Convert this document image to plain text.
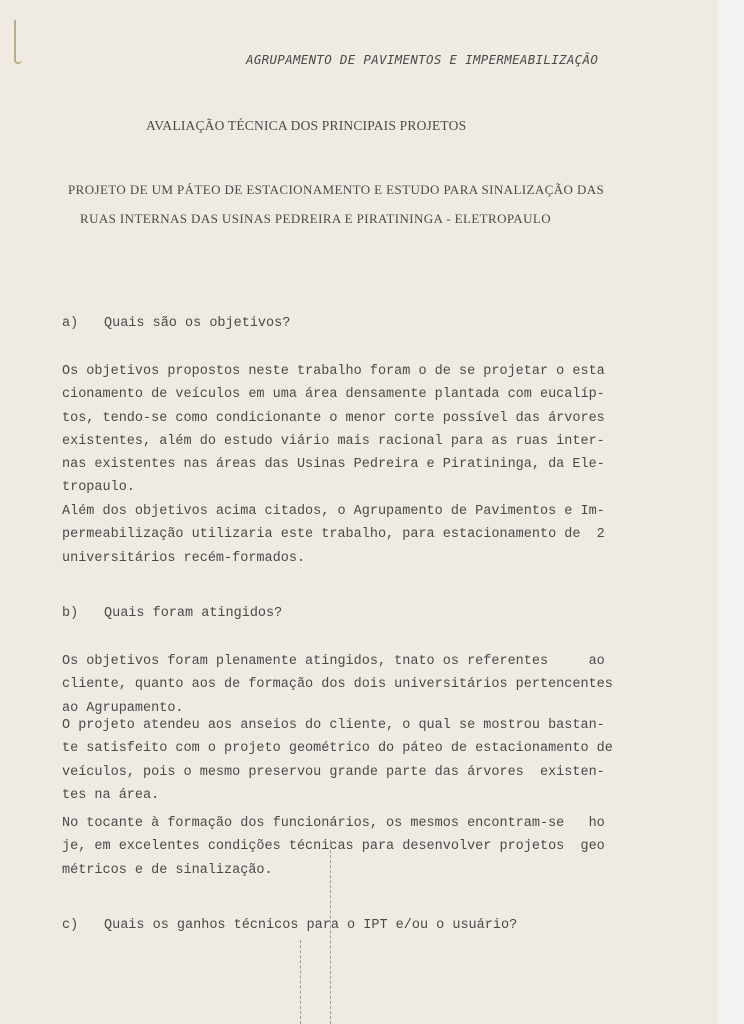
AGRUPAMENTO DE PAVIMENTOS E IMPERMEABILIZAÇÃO
AVALIAÇÃO TÉCNICA DOS PRINCIPAIS PROJETOS
PROJETO DE UM PÁTEO DE ESTACIONAMENTO E ESTUDO PARA SINALIZAÇÃO DAS
RUAS INTERNAS DAS USINAS PEDREIRA E PIRATININGA - ELETROPAULO
a) Quais são os objetivos?
Os objetivos propostos neste trabalho foram o de se projetar o esta
cionamento de veículos em uma área densamente plantada com eucalíp-
tos, tendo-se como condicionante o menor corte possível das árvores
existentes, além do estudo viário mais racional para as ruas inter-
nas existentes nas áreas das Usinas Pedreira e Piratininga, da Ele-
tropaulo.
Além dos objetivos acima citados, o Agrupamento de Pavimentos e Im-
permeabilização utilizaria este trabalho, para estacionamento de  2
universitários recém-formados.
b) Quais foram atingidos?
Os objetivos foram plenamente atingidos, tnato os referentes     ao
cliente, quanto aos de formação dos dois universitários pertencentes
ao Agrupamento.
O projeto atendeu aos anseios do cliente, o qual se mostrou bastan-
te satisfeito com o projeto geométrico do páteo de estacionamento de
veículos, pois o mesmo preservou grande parte das árvores  existen-
tes na área.
No tocante à formação dos funcionários, os mesmos encontram-se   ho
je, em excelentes condições técnicas para desenvolver projetos  geo
métricos e de sinalização.
c) Quais os ganhos técnicos para o IPT e/ou o usuário?
